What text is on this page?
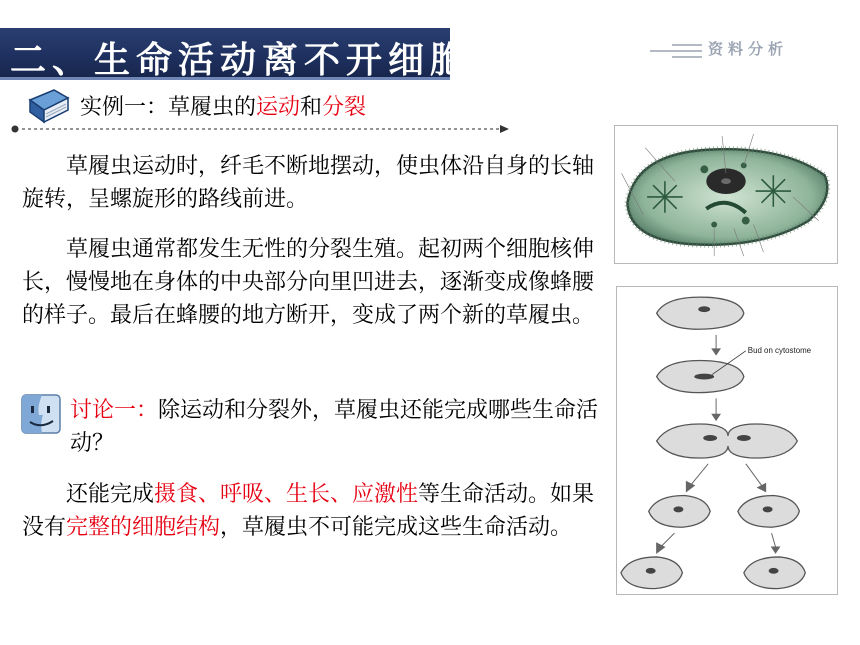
二、生命活动离不开细胞	资料分析
实例一：草履虫的运动和分裂
草履虫运动时，纤毛不断地摆动，使虫体沿自身的长轴旋转，呈螺旋形的路线前进。
草履虫通常都发生无性的分裂生殖。起初两个细胞核伸长，慢慢地在身体的中央部分向里凹进去，逐渐变成像蜂腰的样子。最后在蜂腰的地方断开，变成了两个新的草履虫。
讨论一：除运动和分裂外，草履虫还能完成哪些生命活动？
还能完成摄食、呼吸、生长、应激性等生命活动。如果没有完整的细胞结构，草履虫不可能完成这些生命活动。
Bud on cytostome
